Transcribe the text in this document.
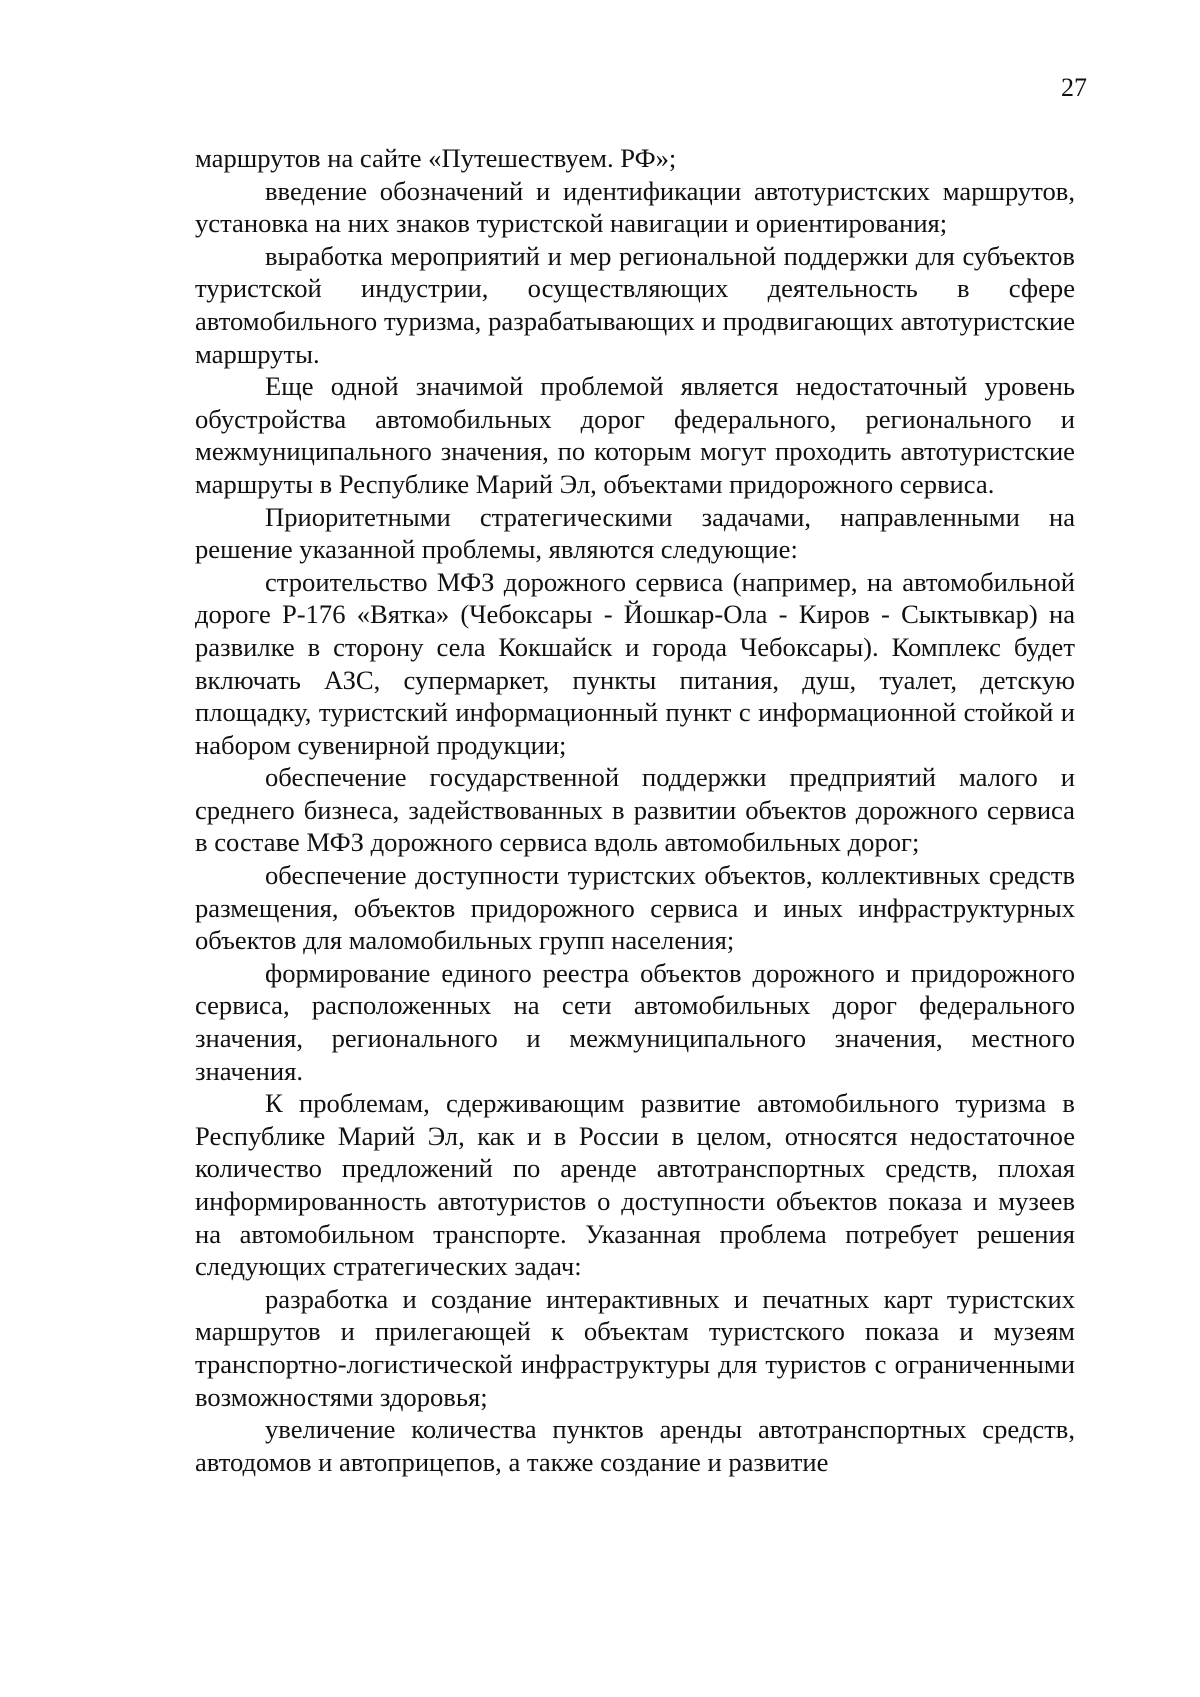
27

маршрутов на сайте «Путешествуем. РФ»;

введение обозначений и идентификации автотуристских маршрутов, установка на них знаков туристской навигации и ориентирования;

выработка мероприятий и мер региональной поддержки для субъектов туристской индустрии, осуществляющих деятельность в сфере автомобильного туризма, разрабатывающих и продвигающих автотуристские маршруты.

Еще одной значимой проблемой является недостаточный уровень обустройства автомобильных дорог федерального, регионального и межмуниципального значения, по которым могут проходить автотуристские маршруты в Республике Марий Эл, объектами придорожного сервиса.

Приоритетными стратегическими задачами, направленными на решение указанной проблемы, являются следующие:

строительство МФЗ дорожного сервиса (например, на автомобильной дороге Р-176 «Вятка» (Чебоксары - Йошкар-Ола - Киров - Сыктывкар) на развилке в сторону села Кокшайск и города Чебоксары). Комплекс будет включать АЗС, супермаркет, пункты питания, душ, туалет, детскую площадку, туристский информационный пункт с информационной стойкой и набором сувенирной продукции;

обеспечение государственной поддержки предприятий малого и среднего бизнеса, задействованных в развитии объектов дорожного сервиса в составе МФЗ дорожного сервиса вдоль автомобильных дорог;

обеспечение доступности туристских объектов, коллективных средств размещения, объектов придорожного сервиса и иных инфраструктурных объектов для маломобильных групп населения;

формирование единого реестра объектов дорожного и придорожного сервиса, расположенных на сети автомобильных дорог федерального значения, регионального и межмуниципального значения, местного значения.

К проблемам, сдерживающим развитие автомобильного туризма в Республике Марий Эл, как и в России в целом, относятся недостаточное количество предложений по аренде автотранспортных средств, плохая информированность автотуристов о доступности объектов показа и музеев на автомобильном транспорте. Указанная проблема потребует решения следующих стратегических задач:

разработка и создание интерактивных и печатных карт туристских маршрутов и прилегающей к объектам туристского показа и музеям транспортно-логистической инфраструктуры для туристов с ограниченными возможностями здоровья;

увеличение количества пунктов аренды автотранспортных средств, автодомов и автоприцепов, а также создание и развитие
